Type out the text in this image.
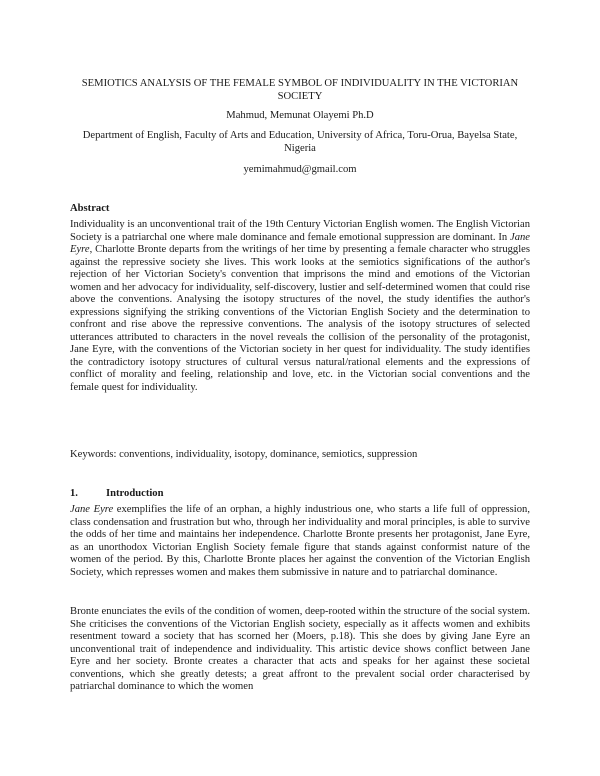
SEMIOTICS ANALYSIS OF THE FEMALE SYMBOL OF INDIVIDUALITY IN THE VICTORIAN SOCIETY
Mahmud, Memunat Olayemi Ph.D
Department of English, Faculty of Arts and Education, University of Africa, Toru-Orua, Bayelsa State, Nigeria
yemimahmud@gmail.com
Abstract

Individuality is an unconventional trait of the 19th Century Victorian English women. The English Victorian Society is a patriarchal one where male dominance and female emotional suppression are dominant. In Jane Eyre, Charlotte Bronte departs from the writings of her time by presenting a female character who struggles against the repressive society she lives. This work looks at the semiotics significations of the author's rejection of her Victorian Society's convention that imprisons the mind and emotions of the Victorian women and her advocacy for individuality, self-discovery, lustier and self-determined women that could rise above the conventions. Analysing the isotopy structures of the novel, the study identifies the author's expressions signifying the striking conventions of the Victorian English Society and the determination to confront and rise above the repressive conventions. The analysis of the isotopy structures of selected utterances attributed to characters in the novel reveals the collision of the personality of the protagonist, Jane Eyre, with the conventions of the Victorian society in her quest for individuality. The study identifies the contradictory isotopy structures of cultural versus natural/rational elements and the expressions of conflict of morality and feeling, relationship and love, etc. in the Victorian social conventions and the female quest for individuality.

Keywords: conventions, individuality, isotopy, dominance, semiotics, suppression
1.	Introduction

Jane Eyre exemplifies the life of an orphan, a highly industrious one, who starts a life full of oppression, class condensation and frustration but who, through her individuality and moral principles, is able to survive the odds of her time and maintains her independence. Charlotte Bronte presents her protagonist, Jane Eyre, as an unorthodox Victorian English Society female figure that stands against conformist nature of the women of the period. By this, Charlotte Bronte places her against the convention of the Victorian English Society, which represses women and makes them submissive in nature and to patriarchal dominance.

Bronte enunciates the evils of the condition of women, deep-rooted within the structure of the social system. She criticises the conventions of the Victorian English society, especially as it affects women and exhibits resentment toward a society that has scorned her (Moers, p.18). This she does by giving Jane Eyre an unconventional trait of independence and individuality. This artistic device shows conflict between Jane Eyre and her society. Bronte creates a character that acts and speaks for her against these societal conventions, which she greatly detests; a great affront to the prevalent social order characterised by patriarchal dominance to which the women
